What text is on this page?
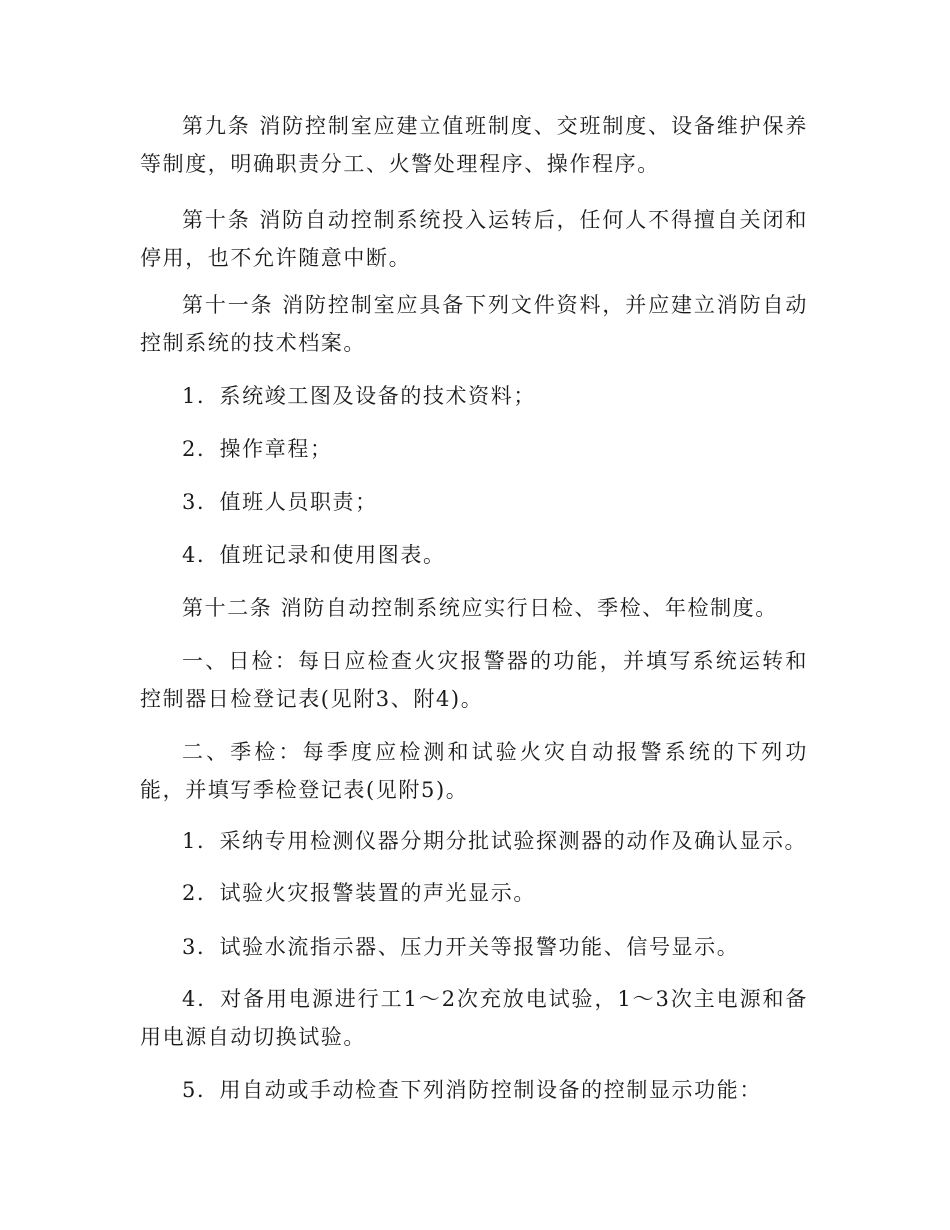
第九条 消防控制室应建立值班制度、交班制度、设备维护保养等制度，明确职责分工、火警处理程序、操作程序。

第十条 消防自动控制系统投入运转后，任何人不得擅自关闭和停用，也不允许随意中断。

第十一条 消防控制室应具备下列文件资料，并应建立消防自动控制系统的技术档案。

1．系统竣工图及设备的技术资料；

2．操作章程；

3．值班人员职责；

4．值班记录和使用图表。

第十二条 消防自动控制系统应实行日检、季检、年检制度。

一、日检：每日应检查火灾报警器的功能，并填写系统运转和控制器日检登记表(见附3、附4)。

二、季检：每季度应检测和试验火灾自动报警系统的下列功能，并填写季检登记表(见附5)。

1．采纳专用检测仪器分期分批试验探测器的动作及确认显示。

2．试验火灾报警装置的声光显示。

3．试验水流指示器、压力开关等报警功能、信号显示。

4．对备用电源进行工1～2次充放电试验，1～3次主电源和备用电源自动切换试验。

5．用自动或手动检查下列消防控制设备的控制显示功能：
